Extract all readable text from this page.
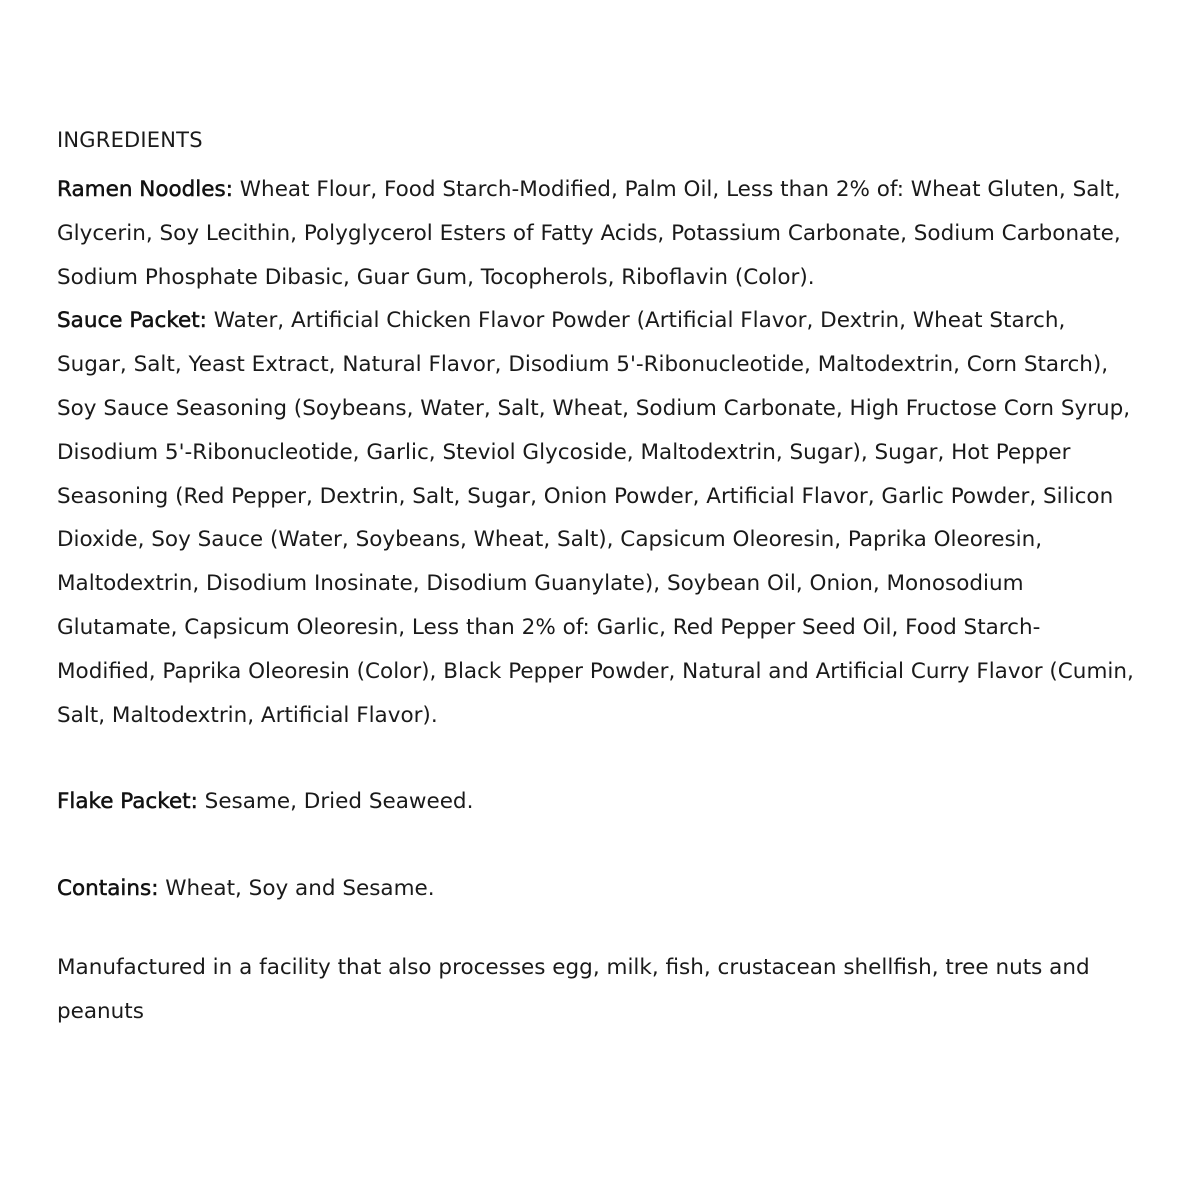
INGREDIENTS

Ramen Noodles: Wheat Flour, Food Starch-Modified, Palm Oil, Less than 2% of: Wheat Gluten, Salt, Glycerin, Soy Lecithin, Polyglycerol Esters of Fatty Acids, Potassium Carbonate, Sodium Carbonate, Sodium Phosphate Dibasic, Guar Gum, Tocopherols, Riboflavin (Color).

Sauce Packet: Water, Artificial Chicken Flavor Powder (Artificial Flavor, Dextrin, Wheat Starch, Sugar, Salt, Yeast Extract, Natural Flavor, Disodium 5'-Ribonucleotide, Maltodextrin, Corn Starch), Soy Sauce Seasoning (Soybeans, Water, Salt, Wheat, Sodium Carbonate, High Fructose Corn Syrup, Disodium 5'-Ribonucleotide, Garlic, Steviol Glycoside, Maltodextrin, Sugar), Sugar, Hot Pepper Seasoning (Red Pepper, Dextrin, Salt, Sugar, Onion Powder, Artificial Flavor, Garlic Powder, Silicon Dioxide, Soy Sauce (Water, Soybeans, Wheat, Salt), Capsicum Oleoresin, Paprika Oleoresin, Maltodextrin, Disodium Inosinate, Disodium Guanylate), Soybean Oil, Onion, Monosodium Glutamate, Capsicum Oleoresin, Less than 2% of: Garlic, Red Pepper Seed Oil, Food Starch-Modified, Paprika Oleoresin (Color), Black Pepper Powder, Natural and Artificial Curry Flavor (Cumin, Salt, Maltodextrin, Artificial Flavor).

Flake Packet: Sesame, Dried Seaweed.

Contains: Wheat, Soy and Sesame.

Manufactured in a facility that also processes egg, milk, fish, crustacean shellfish, tree nuts and peanuts
